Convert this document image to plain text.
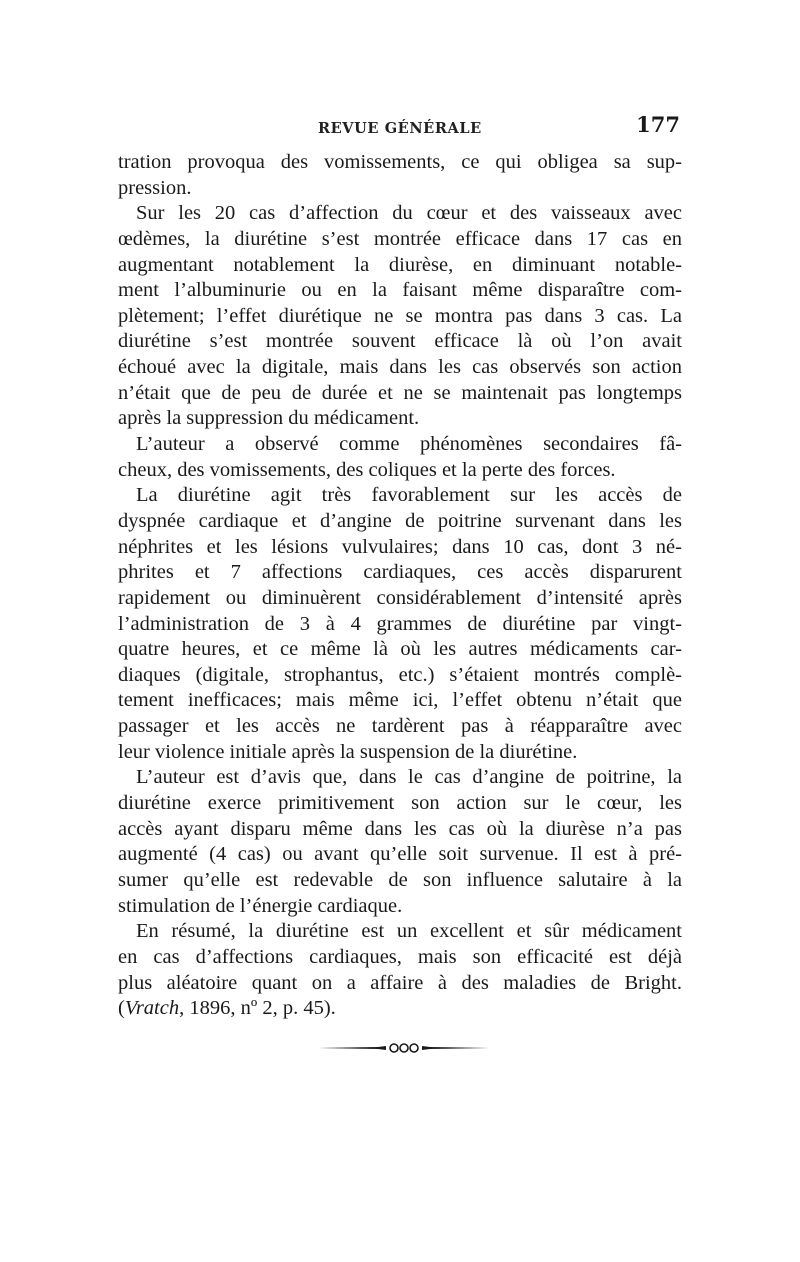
REVUE GÉNÉRALE	177
tration provoqua des vomissements, ce qui obligea sa sup-
pression.
Sur les 20 cas d’affection du cœur et des vaisseaux avec
œdèmes, la diurétine s’est montrée efficace dans 17 cas en
augmentant notablement la diurèse, en diminuant notable-
ment l’albuminurie ou en la faisant même disparaître com-
plètement; l’effet diurétique ne se montra pas dans 3 cas. La
diurétine s’est montrée souvent efficace là où l’on avait
échoué avec la digitale, mais dans les cas observés son action
n’était que de peu de durée et ne se maintenait pas longtemps
après la suppression du médicament.
L’auteur a observé comme phénomènes secondaires fâ-
cheux, des vomissements, des coliques et la perte des forces.
La diurétine agit très favorablement sur les accès de
dyspnée cardiaque et d’angine de poitrine survenant dans les
néphrites et les lésions vulvulaires; dans 10 cas, dont 3 né-
phrites et 7 affections cardiaques, ces accès disparurent
rapidement ou diminuèrent considérablement d’intensité après
l’administration de 3 à 4 grammes de diurétine par vingt-
quatre heures, et ce même là où les autres médicaments car-
diaques (digitale, strophantus, etc.) s’étaient montrés complè-
tement inefficaces; mais même ici, l’effet obtenu n’était que
passager et les accès ne tardèrent pas à réapparaître avec
leur violence initiale après la suspension de la diurétine.
L’auteur est d’avis que, dans le cas d’angine de poitrine, la
diurétine exerce primitivement son action sur le cœur, les
accès ayant disparu même dans les cas où la diurèse n’a pas
augmenté (4 cas) ou avant qu’elle soit survenue. Il est à pré-
sumer qu’elle est redevable de son influence salutaire à la
stimulation de l’énergie cardiaque.
En résumé, la diurétine est un excellent et sûr médicament
en cas d’affections cardiaques, mais son efficacité est déjà
plus aléatoire quant on a affaire à des maladies de Bright.
(Vratch, 1896, nº 2, p. 45).
